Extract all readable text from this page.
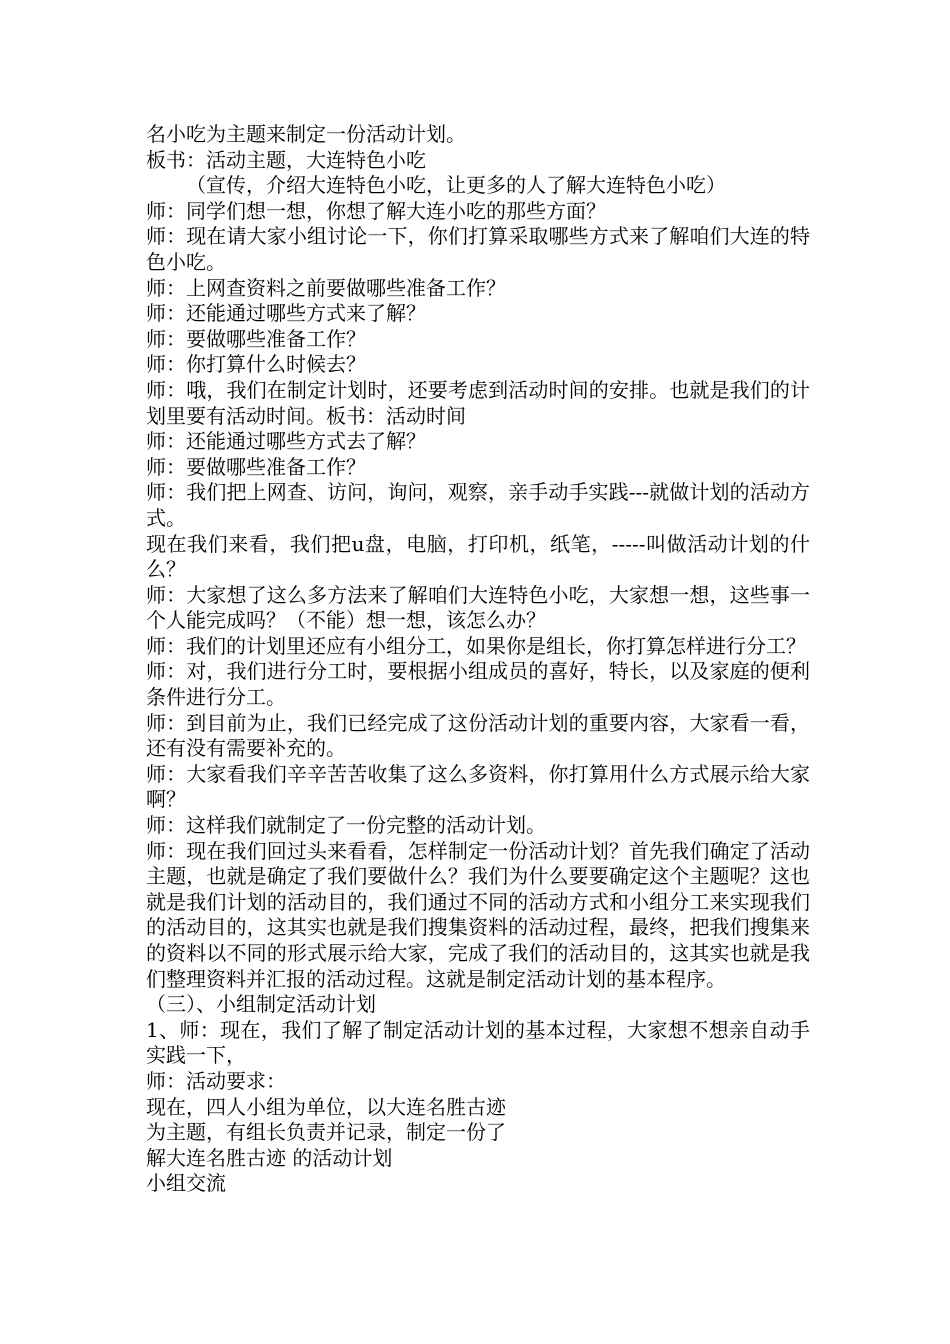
名小吃为主题来制定一份活动计划。

板书：活动主题，大连特色小吃

（宣传，介绍大连特色小吃，让更多的人了解大连特色小吃）

师：同学们想一想，你想了解大连小吃的那些方面？

师：现在请大家小组讨论一下，你们打算采取哪些方式来了解咱们大连的特色小吃。

师：上网查资料之前要做哪些准备工作？

师：还能通过哪些方式来了解？

师：要做哪些准备工作？

师：你打算什么时候去？

师：哦，我们在制定计划时，还要考虑到活动时间的安排。也就是我们的计划里要有活动时间。板书：活动时间

师：还能通过哪些方式去了解？

师：要做哪些准备工作？

师：我们把上网查、访问，询问，观察，亲手动手实践---就做计划的活动方式。

现在我们来看，我们把u盘，电脑，打印机，纸笔，-----叫做活动计划的什么？

师：大家想了这么多方法来了解咱们大连特色小吃，大家想一想，这些事一个人能完成吗？（不能）想一想，该怎么办？

师：我们的计划里还应有小组分工，如果你是组长，你打算怎样进行分工？

师：对，我们进行分工时，要根据小组成员的喜好，特长，以及家庭的便利条件进行分工。

师：到目前为止，我们已经完成了这份活动计划的重要内容，大家看一看，还有没有需要补充的。

师：大家看我们辛辛苦苦收集了这么多资料，你打算用什么方式展示给大家啊？

师：这样我们就制定了一份完整的活动计划。

师：现在我们回过头来看看，怎样制定一份活动计划？首先我们确定了活动主题，也就是确定了我们要做什么？我们为什么要要确定这个主题呢？这也就是我们计划的活动目的，我们通过不同的活动方式和小组分工来实现我们的活动目的，这其实也就是我们搜集资料的活动过程，最终，把我们搜集来的资料以不同的形式展示给大家，完成了我们的活动目的，这其实也就是我们整理资料并汇报的活动过程。这就是制定活动计划的基本程序。

（三）、小组制定活动计划

1、师：现在，我们了解了制定活动计划的基本过程，大家想不想亲自动手实践一下，

师：活动要求：

现在，四人小组为单位，以大连名胜古迹

为主题，有组长负责并记录，制定一份了

解大连名胜古迹 的活动计划

小组交流
